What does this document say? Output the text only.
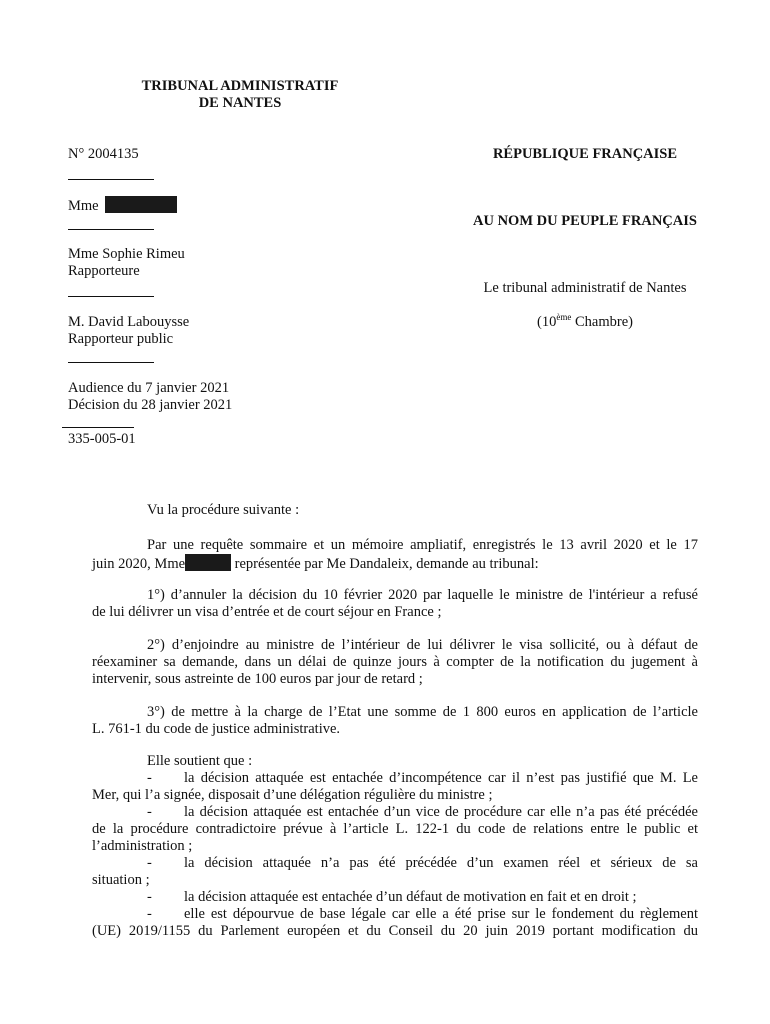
TRIBUNAL ADMINISTRATIF
DE NANTES
N° 2004135
Mme
Mme Sophie Rimeu
Rapporteure
M. David Labouysse
Rapporteur public
Audience du 7 janvier 2021
Décision du 28 janvier 2021
335-005-01
RÉPUBLIQUE FRANÇAISE
AU NOM DU PEUPLE FRANÇAIS
Le tribunal administratif de Nantes
(10ème Chambre)
Vu la procédure suivante :
Par une requête sommaire et un mémoire ampliatif, enregistrés le 13 avril 2020 et le 17
juin 2020, Mme	représentée par Me Dandaleix, demande au tribunal:
1°) d’annuler la décision du 10 février 2020 par laquelle le ministre de l'intérieur a refusé
de lui délivrer un visa d’entrée et de court séjour en France ;
2°) d’enjoindre au ministre de l’intérieur de lui délivrer le visa sollicité, ou à défaut de
réexaminer sa demande, dans un délai de quinze jours à compter de la notification du jugement à
intervenir, sous astreinte de 100 euros par jour de retard ;
3°) de mettre à la charge de l’Etat une somme de 1 800 euros en application de l’article
L. 761-1 du code de justice administrative.
Elle soutient que :
- la décision attaquée est entachée d’incompétence car il n’est pas justifié que M. Le
Mer, qui l’a signée, disposait d’une délégation régulière du ministre ;
- la décision attaquée est entachée d’un vice de procédure car elle n’a pas été précédée
de la procédure contradictoire prévue à l’article L. 122-1 du code de relations entre le public et
l’administration ;
- la décision attaquée n’a pas été précédée d’un examen réel et sérieux de sa
situation ;
- la décision attaquée est entachée d’un défaut de motivation en fait et en droit ;
- elle est dépourvue de base légale car elle a été prise sur le fondement du règlement
(UE) 2019/1155 du Parlement européen et du Conseil du 20 juin 2019 portant modification du
